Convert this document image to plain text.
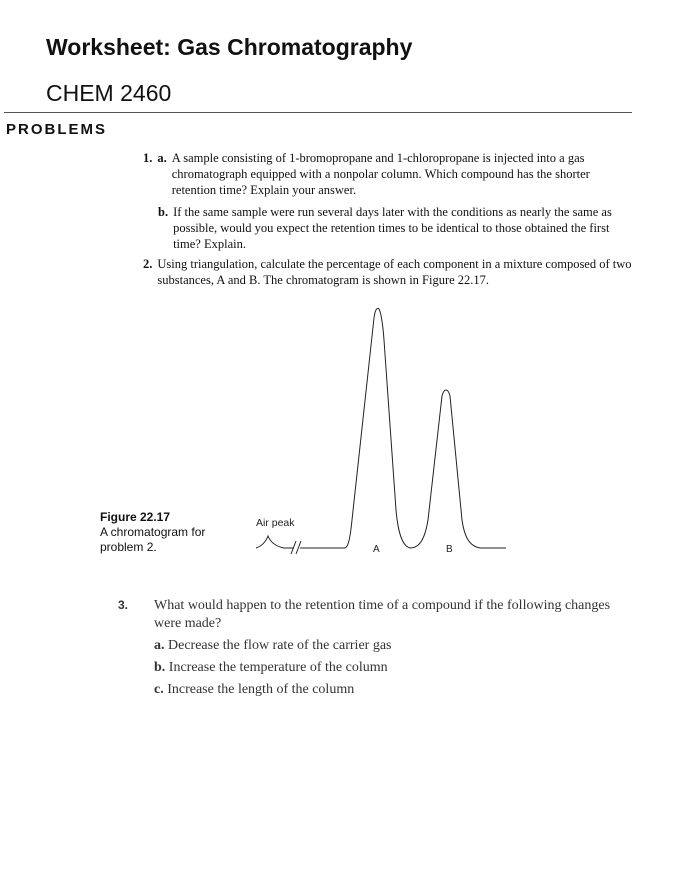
Worksheet: Gas Chromatography
CHEM 2460
PROBLEMS
1. a. A sample consisting of 1-bromopropane and 1-chloropropane is injected into a gas chromatograph equipped with a nonpolar column. Which compound has the shorter retention time? Explain your answer.
b. If the same sample were run several days later with the conditions as nearly the same as possible, would you expect the retention times to be identical to those obtained the first time? Explain.
2. Using triangulation, calculate the percentage of each component in a mixture composed of two substances, A and B. The chromatogram is shown in Figure 22.17.
Figure 22.17
A chromatogram for
problem 2.
Air peak
A	B
3. What would happen to the retention time of a compound if the following changes were made?
a. Decrease the flow rate of the carrier gas
b. Increase the temperature of the column
c. Increase the length of the column
